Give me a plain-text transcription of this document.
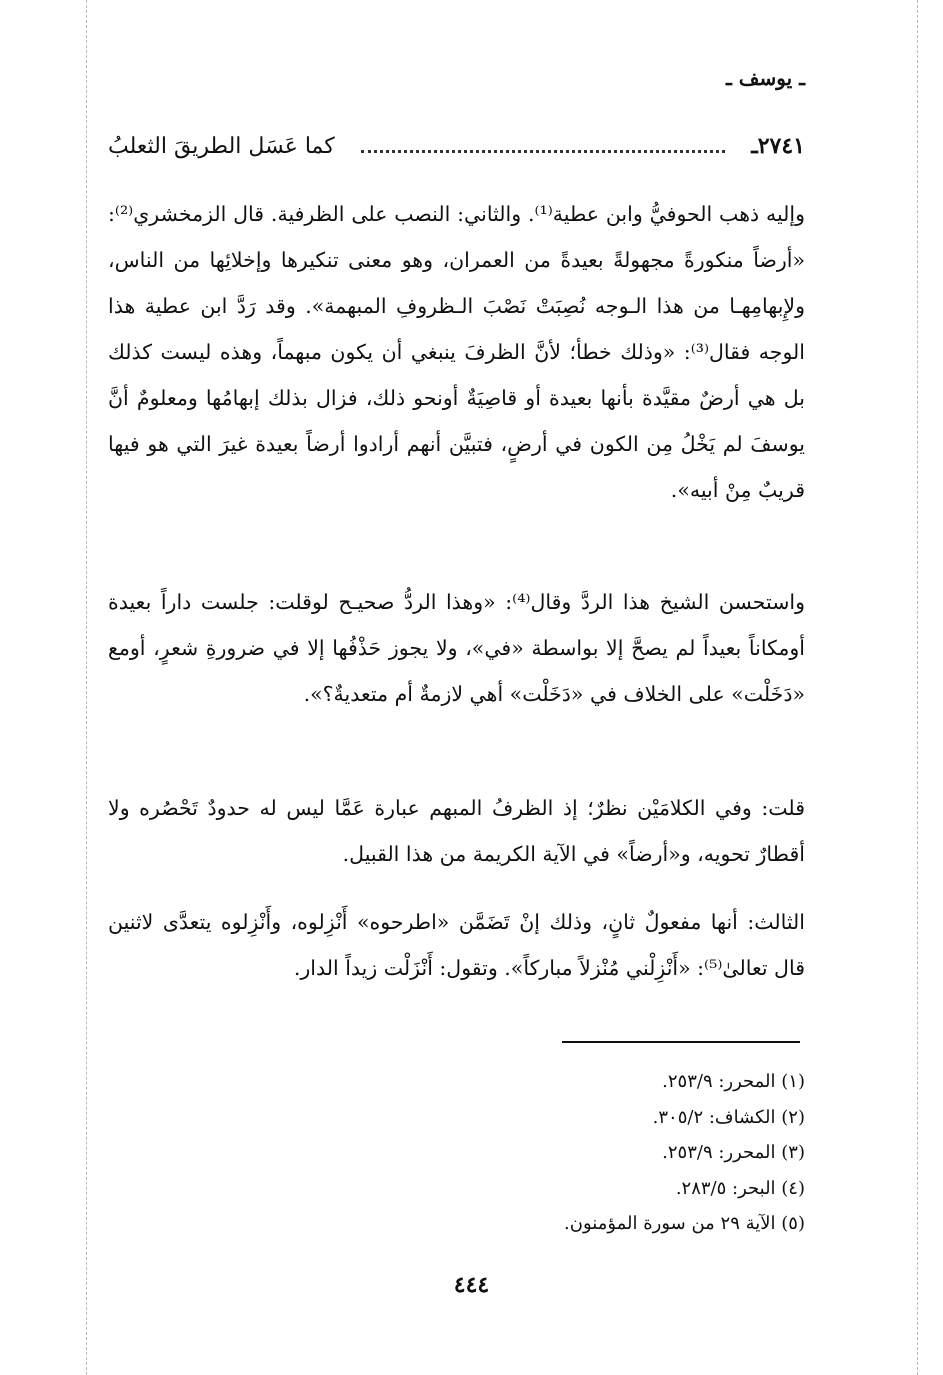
ـ يوسف ـ
٢٧٤١ـ
كما عَسَل الطريقَ الثعلبُ

وإليه ذهب الحوفيُّ وابن عطية⁽¹⁾. والثاني: النصب على الظرفية. قال الزمخشري⁽²⁾: «أرضاً منكورةً مجهولةً بعيدةً من العمران، وهو معنى تنكيرها وإخلائِها من الناس، ولإِبهامِهـا من هذا الـوجه نُصِبَتْ نَصْبَ الـظروفِ المبهمة». وقد رَدَّ ابن عطية هذا الوجه فقال⁽³⁾: «وذلك خطأ؛ لأنَّ الظرفَ ينبغي أن يكون مبهماً، وهذه ليست كذلك بل هي أرضٌ مقيَّدة بأنها بعيدة أو قاصِيَةٌ أونحو ذلك، فزال بذلك إبهامُها ومعلومٌ أنَّ يوسفَ لم يَخْلُ مِن الكون في أرضٍ، فتبيَّن أنهم أرادوا أرضاً بعيدة غيرَ التي هو فيها قريبٌ مِنْ أبيه».

واستحسن الشيخ هذا الردَّ وقال⁽⁴⁾: «وهذا الردُّ صحيـح لوقلت: جلست داراً بعيدة أومكاناً بعيداً لم يصحَّ إلا بواسطة «في»، ولا يجوز حَذْفُها إلا في ضرورةِ شعرٍ، أومع «دَخَلْت» على الخلاف في «دَخَلْت» أهي لازمةٌ أم متعديةٌ؟».

قلت: وفي الكلامَيْن نظرٌ؛ إذ الظرفُ المبهم عبارة عَمَّا ليس له حدودٌ تَحْصُره ولا أقطارٌ تحويه، و«أرضاً» في الآية الكريمة من هذا القبيل.

الثالث: أنها مفعولٌ ثانٍ، وذلك إنْ تَضَمَّن «اطرحوه» أَنْزِلوه، وأَنْزِلوه يتعدَّى لاثنين قال تعالىٰ⁽⁵⁾: «أَنْزِلْني مُنْزلاً مباركاً». وتقول: أَنْزَلْت زيداً الدار.

(١) المحرر: ٢٥٣/٩.
(٢) الكشاف: ٣٠٥/٢.
(٣) المحرر: ٢٥٣/٩.
(٤) البحر: ٢٨٣/٥.
(٥) الآية ٢٩ من سورة المؤمنون.
٤٤٤
